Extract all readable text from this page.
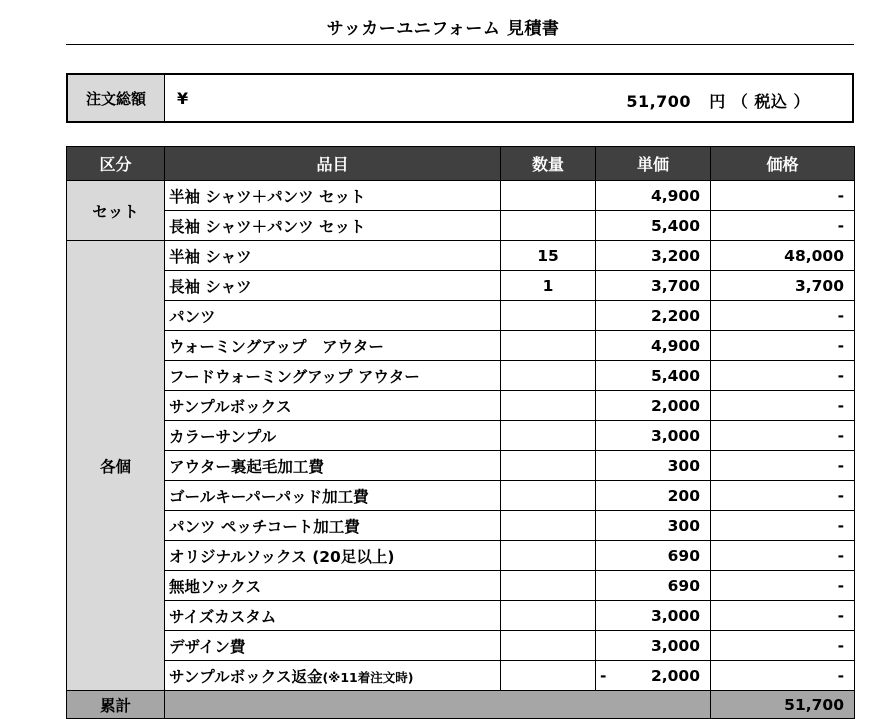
サッカーユニフォーム 見積書
注文総額	¥	51,700 円 （ 税込 ）
区分	品目	数量	単価	価格
セット	半袖 シャツ＋パンツ セット		4,900	-
	長袖 シャツ＋パンツ セット		5,400	-
各個	半袖 シャツ	15	3,200	48,000
	長袖 シャツ	1	3,700	3,700
	パンツ		2,200	-
	ウォーミングアップ　アウター		4,900	-
	フードウォーミングアップ アウター		5,400	-
	サンプルボックス		2,000	-
	カラーサンプル		3,000	-
	アウター裏起毛加工費		300	-
	ゴールキーパーパッド加工費		200	-
	パンツ ペッチコート加工費		300	-
	オリジナルソックス (20足以上)		690	-
	無地ソックス		690	-
	サイズカスタム		3,000	-
	デザイン費		3,000	-
	サンプルボックス返金(※11着注文時)		- 2,000	-
累計				51,700
